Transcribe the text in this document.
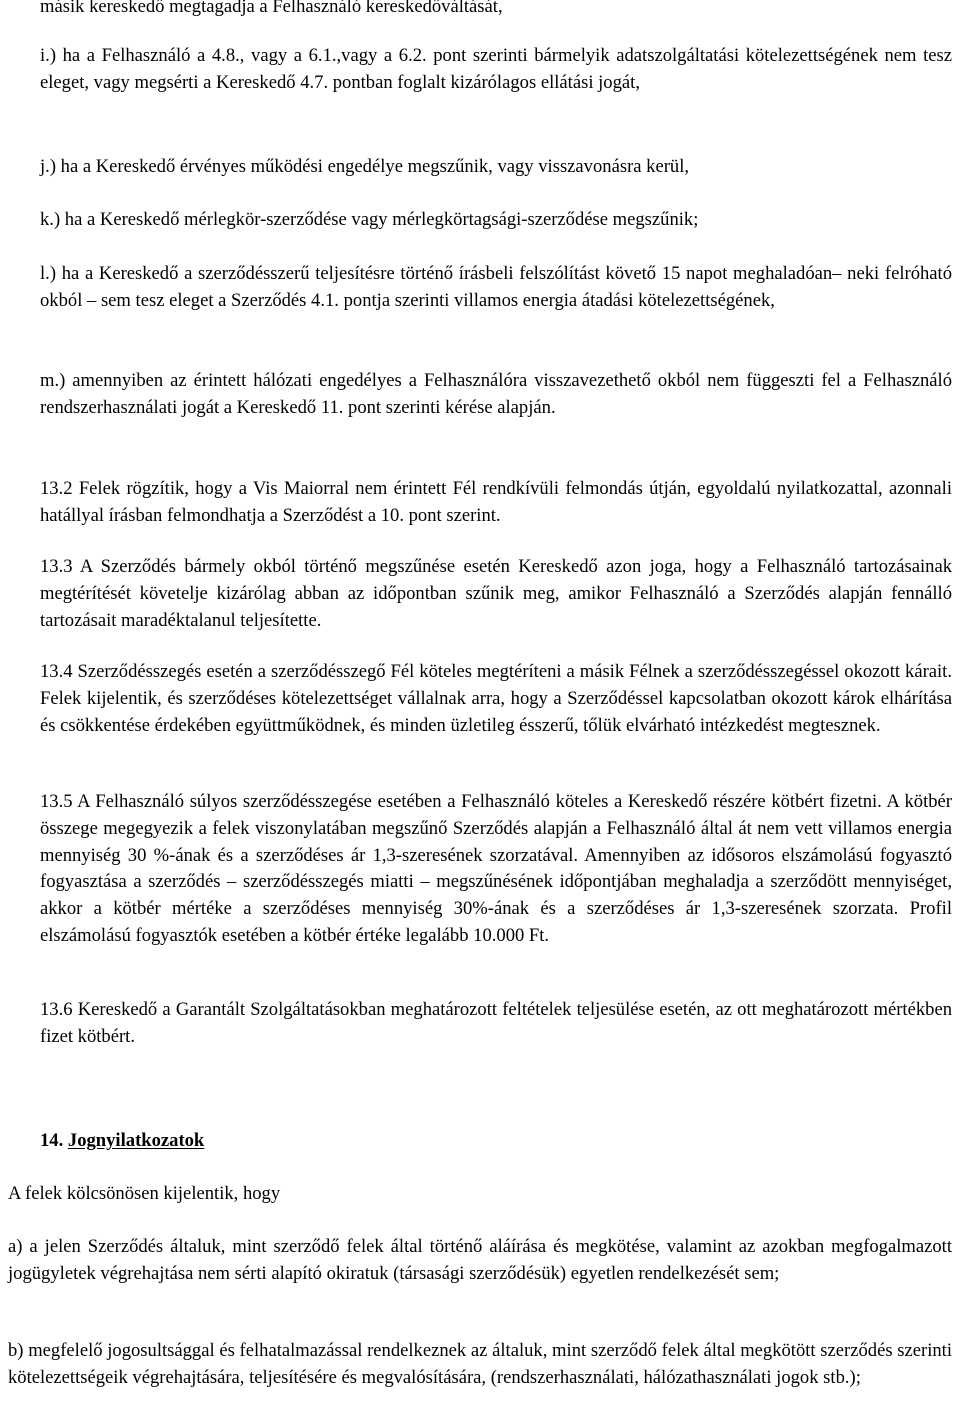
másik kereskedő megtagadja a Felhasználó kereskedőváltását,

i.) ha a Felhasználó a 4.8., vagy a 6.1.,vagy a 6.2. pont szerinti bármelyik adatszolgáltatási kötelezettségének nem tesz eleget, vagy megsérti a Kereskedő 4.7. pontban foglalt kizárólagos ellátási jogát,

j.) ha a Kereskedő érvényes működési engedélye megszűnik, vagy visszavonásra kerül,

k.) ha a Kereskedő mérlegkör-szerződése vagy mérlegkörtagsági-szerződése megszűnik;

l.) ha a Kereskedő a szerződésszerű teljesítésre történő írásbeli felszólítást követő 15 napot meghaladóan– neki felróható okból – sem tesz eleget a Szerződés 4.1. pontja szerinti villamos energia átadási kötelezettségének,

m.) amennyiben az érintett hálózati engedélyes a Felhasználóra visszavezethető okból nem függeszti fel a Felhasználó rendszerhasználati jogát a Kereskedő 11. pont szerinti kérése alapján.

13.2 Felek rögzítik, hogy a Vis Maiorral nem érintett Fél rendkívüli felmondás útján, egyoldalú nyilatkozattal, azonnali hatállyal írásban felmondhatja a Szerződést a 10. pont szerint.

13.3 A Szerződés bármely okból történő megszűnése esetén Kereskedő azon joga, hogy a Felhasználó tartozásainak megtérítését követelje kizárólag abban az időpontban szűnik meg, amikor Felhasználó a Szerződés alapján fennálló tartozásait maradéktalanul teljesítette.

13.4 Szerződésszegés esetén a szerződésszegő Fél köteles megtéríteni a másik Félnek a szerződésszegéssel okozott kárait. Felek kijelentik, és szerződéses kötelezettséget vállalnak arra, hogy a Szerződéssel kapcsolatban okozott károk elhárítása és csökkentése érdekében együttműködnek, és minden üzletileg ésszerű, tőlük elvárható intézkedést megtesznek.

13.5 A Felhasználó súlyos szerződésszegése esetében a Felhasználó köteles a Kereskedő részére kötbért fizetni. A kötbér összege megegyezik a felek viszonylatában megszűnő Szerződés alapján a Felhasználó által át nem vett villamos energia mennyiség 30 %-ának és a szerződéses ár 1,3-szeresének szorzatával. Amennyiben az idősoros elszámolású fogyasztó fogyasztása a szerződés – szerződésszegés miatti – megszűnésének időpontjában meghaladja a szerződött mennyiséget, akkor a kötbér mértéke a szerződéses mennyiség 30%-ának és a szerződéses ár 1,3-szeresének szorzata. Profil elszámolású fogyasztók esetében a kötbér értéke legalább 10.000 Ft.

13.6 Kereskedő a Garantált Szolgáltatásokban meghatározott feltételek teljesülése esetén, az ott meghatározott mértékben fizet kötbért.

14. Jognyilatkozatok

A felek kölcsönösen kijelentik, hogy

a) a jelen Szerződés általuk, mint szerződő felek által történő aláírása és megkötése, valamint az azokban megfogalmazott jogügyletek végrehajtása nem sérti alapító okiratuk (társasági szerződésük) egyetlen rendelkezését sem;

b) megfelelő jogosultsággal és felhatalmazással rendelkeznek az általuk, mint szerződő felek által megkötött szerződés szerinti kötelezettségeik végrehajtására, teljesítésére és megvalósítására, (rendszerhasználati, hálózathasználati jogok stb.);
